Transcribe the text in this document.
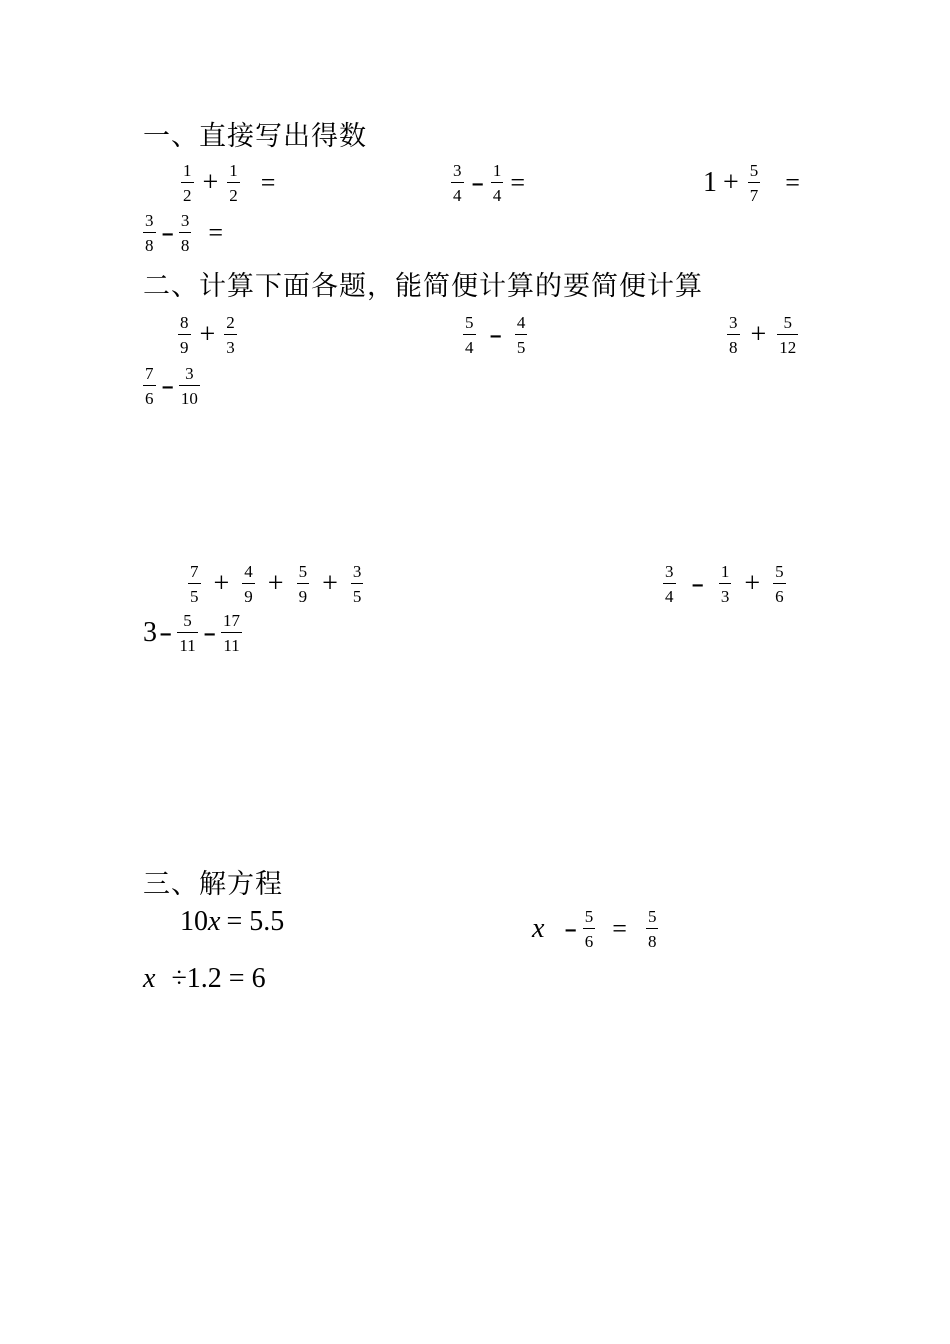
一、直接写出得数
$\frac{1}{2} + \frac{1}{2}$ =	$\frac{3}{4} - \frac{1}{4}$ =	$1 + \frac{5}{7}$ =
$\frac{3}{8} - \frac{3}{8}$ =
二、计算下面各题，能简便计算的要简便计算
$\frac{8}{9} + \frac{2}{3}$	$\frac{5}{4} - \frac{4}{5}$	$\frac{3}{8} + \frac{5}{12}$
$\frac{7}{6} - \frac{3}{10}$
$\frac{7}{5} + \frac{4}{9} + \frac{5}{9} + \frac{3}{5}$	$\frac{3}{4} - \frac{1}{3} + \frac{5}{6}$
$3 - \frac{5}{11} - \frac{17}{11}$
三、解方程
10 x = 5.5	$x - \frac{5}{6} = \frac{5}{8}$
x ÷1.2 = 6
